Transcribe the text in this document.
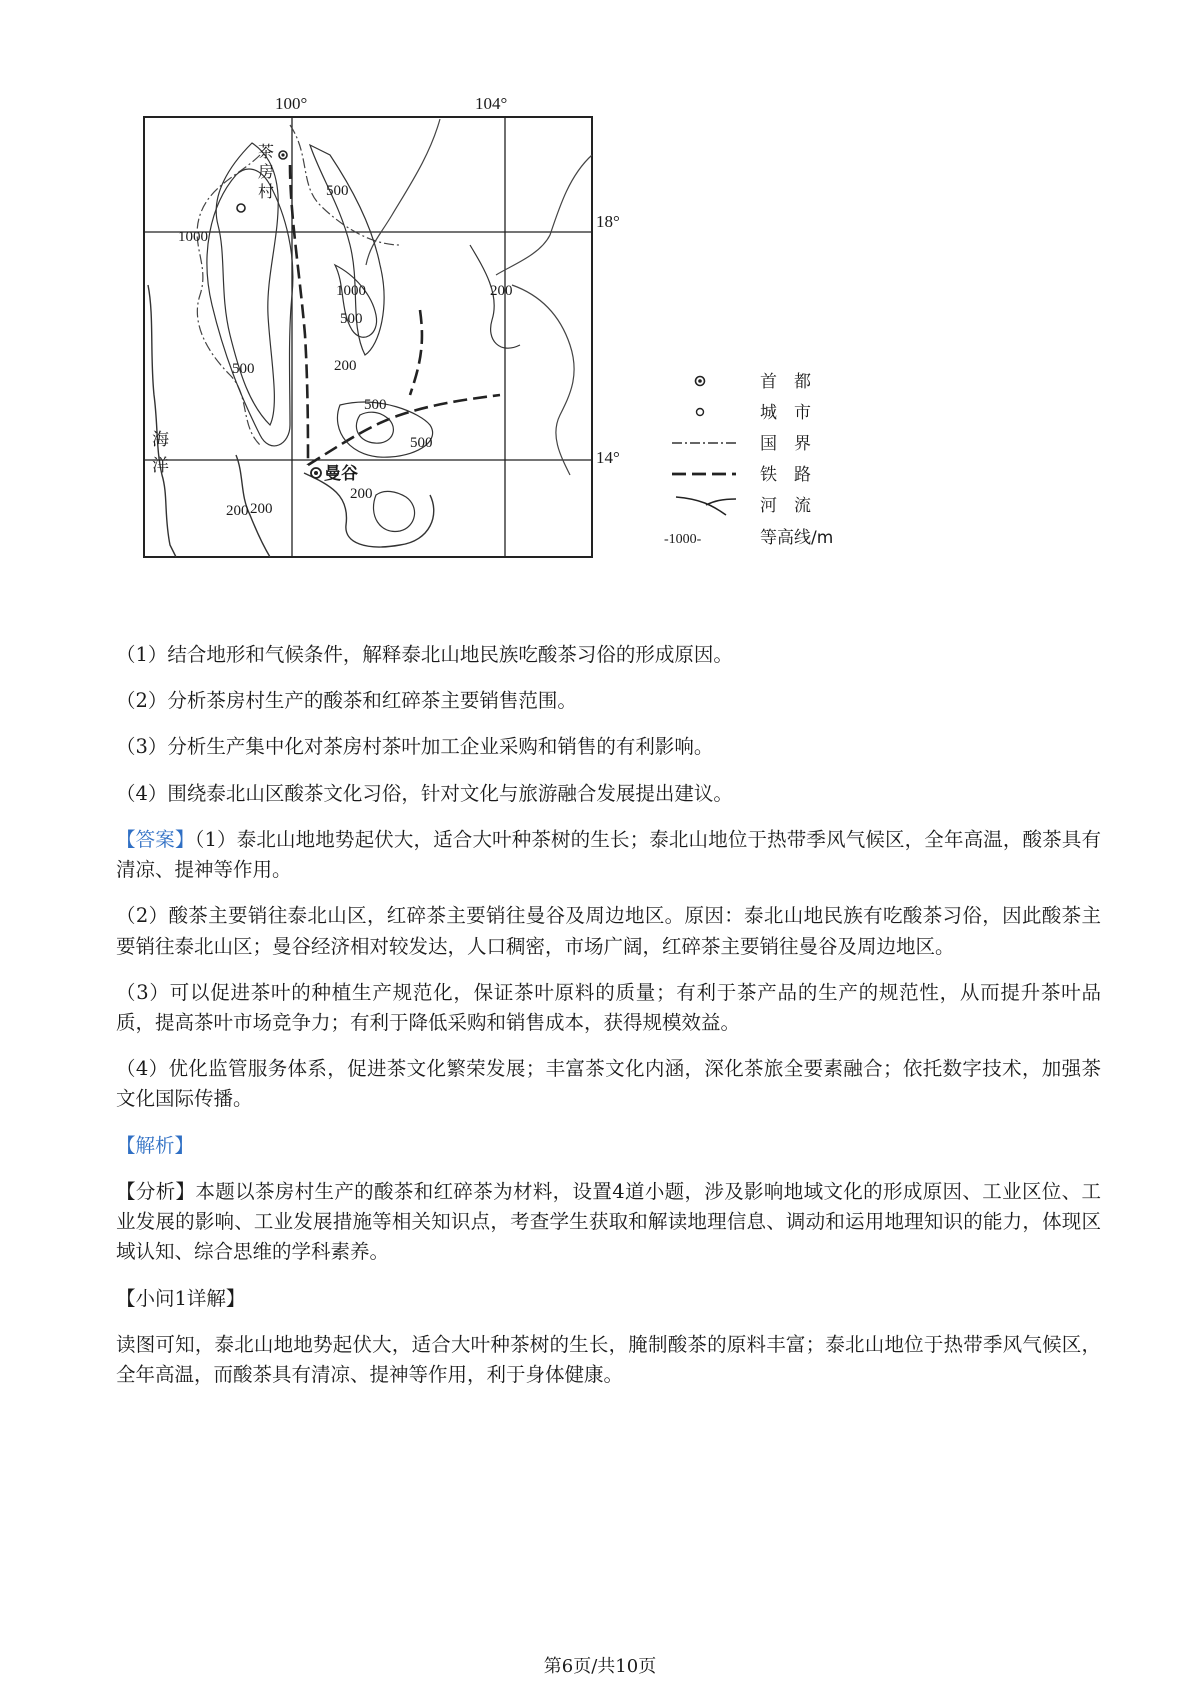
100°	104°
18°
14°
500
1000
1000
500
200
500
200
500
500
200
200 200
茶 房 村
曼谷
海 洋
首　都
城　市
国　界
铁　路
河　流
-1000-	等高线/m

（1）结合地形和气候条件，解释泰北山地民族吃酸茶习俗的形成原因。

（2）分析茶房村生产的酸茶和红碎茶主要销售范围。

（3）分析生产集中化对茶房村茶叶加工企业采购和销售的有利影响。

（4）围绕泰北山区酸茶文化习俗，针对文化与旅游融合发展提出建议。

【答案】（1）泰北山地地势起伏大，适合大叶种茶树的生长；泰北山地位于热带季风气候区，全年高温，酸茶具有清凉、提神等作用。

（2）酸茶主要销往泰北山区，红碎茶主要销往曼谷及周边地区。原因：泰北山地民族有吃酸茶习俗，因此酸茶主要销往泰北山区；曼谷经济相对较发达，人口稠密，市场广阔，红碎茶主要销往曼谷及周边地区。

（3）可以促进茶叶的种植生产规范化，保证茶叶原料的质量；有利于茶产品的生产的规范性，从而提升茶叶品质，提高茶叶市场竞争力；有利于降低采购和销售成本，获得规模效益。

（4）优化监管服务体系，促进茶文化繁荣发展；丰富茶文化内涵，深化茶旅全要素融合；依托数字技术，加强茶文化国际传播。

【解析】

【分析】本题以茶房村生产的酸茶和红碎茶为材料，设置4道小题，涉及影响地域文化的形成原因、工业区位、工业发展的影响、工业发展措施等相关知识点，考查学生获取和解读地理信息、调动和运用地理知识的能力，体现区域认知、综合思维的学科素养。

【小问1详解】

读图可知，泰北山地地势起伏大，适合大叶种茶树的生长，腌制酸茶的原料丰富；泰北山地位于热带季风气候区，全年高温，而酸茶具有清凉、提神等作用，利于身体健康。

第6页/共10页
